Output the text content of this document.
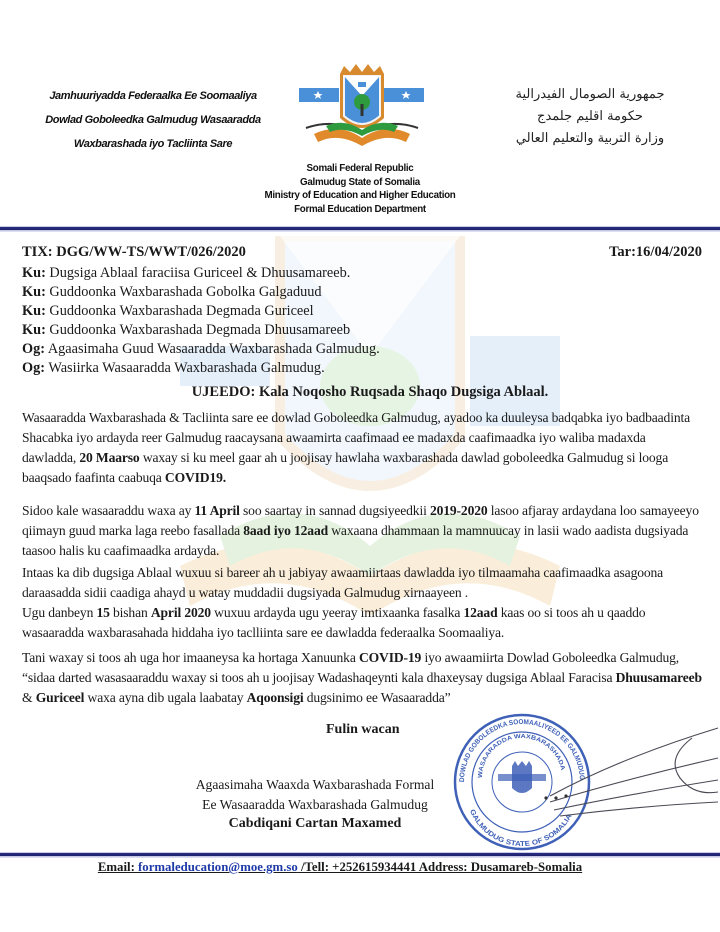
Jamhuuriyadda Federaalka Ee Soomaaliya
Dowlad Goboleedka Galmudug Wasaaradda
Waxbarashada iyo Tacliinta Sare
Somali Federal Republic
Galmudug State of Somalia
Ministry of Education and Higher Education
Formal Education Department
جمهورية الصومال الفيدرالية
حكومة اقليم جلمدج
وزارة التربية والتعليم العالي
TIX: DGG/WW-TS/WWT/026/2020	Tar:16/04/2020
Ku: Dugsiga Ablaal faraciisa Guriceel & Dhuusamareeb.
Ku: Guddoonka Waxbarashada Gobolka Galgaduud
Ku: Guddoonka Waxbarashada Degmada Guriceel
Ku: Guddoonka Waxbarashada Degmada Dhuusamareeb
Og: Agaasimaha Guud Wasaaradda Waxbarashada Galmudug.
Og: Wasiirka Wasaaradda Waxbarashada Galmudug.
UJEEDO: Kala Noqosho Ruqsada Shaqo Dugsiga Ablaal.
Wasaaradda Waxbarashada & Tacliinta sare ee dowlad Goboleedka Galmudug, ayadoo ka duuleysa badqabka iyo badbaadinta Shacabka iyo ardayda reer Galmudug raacaysana awaamirta caafimaad ee madaxda caafimaadka iyo waliba madaxda dawladda, 20 Maarso waxay si ku meel gaar ah u joojisay hawlaha waxbarashada dawlad goboleedka Galmudug si looga baaqsado faafinta caabuqa COVID19.
Sidoo kale wasaaraddu waxa ay 11 April soo saartay in sannad dugsiyeedkii 2019-2020 lasoo afjaray ardaydana loo samayeeyo qiimayn guud marka laga reebo fasallada 8aad iyo 12aad waxaana dhammaan la mamnuucay in lasii wado aadista dugsiyada taasoo halis ku caafimaadka ardayda.
Intaas ka dib dugsiga Ablaal wuxuu si bareer ah u jabiyay awaamiirtaas dawladda iyo tilmaamaha caafimaadka asagoona daraasadda sidii caadiga ahayd u watay muddadii dugsiyada Galmudug xirnaayeen .
Ugu danbeyn 15 bishan April 2020 wuxuu ardayda ugu yeeray imtixaanka fasalka 12aad kaas oo si toos ah u qaaddo wasaaradda waxbarasahada hiddaha iyo taclliinta sare ee dawladda federaalka Soomaaliya.
Tani waxay si toos ah uga hor imaaneysa ka hortaga Xanuunka COVID-19 iyo awaamiirta Dowlad Goboleedka Galmudug, “sidaa darted wasasaaraddu waxay si toos ah u joojisay Wadashaqeynti kala dhaxeysay dugsiga Ablaal Faracisa Dhuusamareeb & Guriceel waxa ayna dib ugala laabatay Aqoonsigi dugsinimo ee Wasaaradda”
Fulin wacan
Agaasimaha Waaxda Waxbarashada Formal
Ee Wasaaradda Waxbarashada Galmudug
Cabdiqani Cartan Maxamed
DOWLAD GOBOLEEDKA SOOMAALIYEED EE GALMUDUG
WASAARADDA WAXBARASHADA
GALMUDUG STATE OF SOMALIA
Email: formaleducation@moe.gm.so /Tell: +252615934441 Address: Dusamareb-Somalia
